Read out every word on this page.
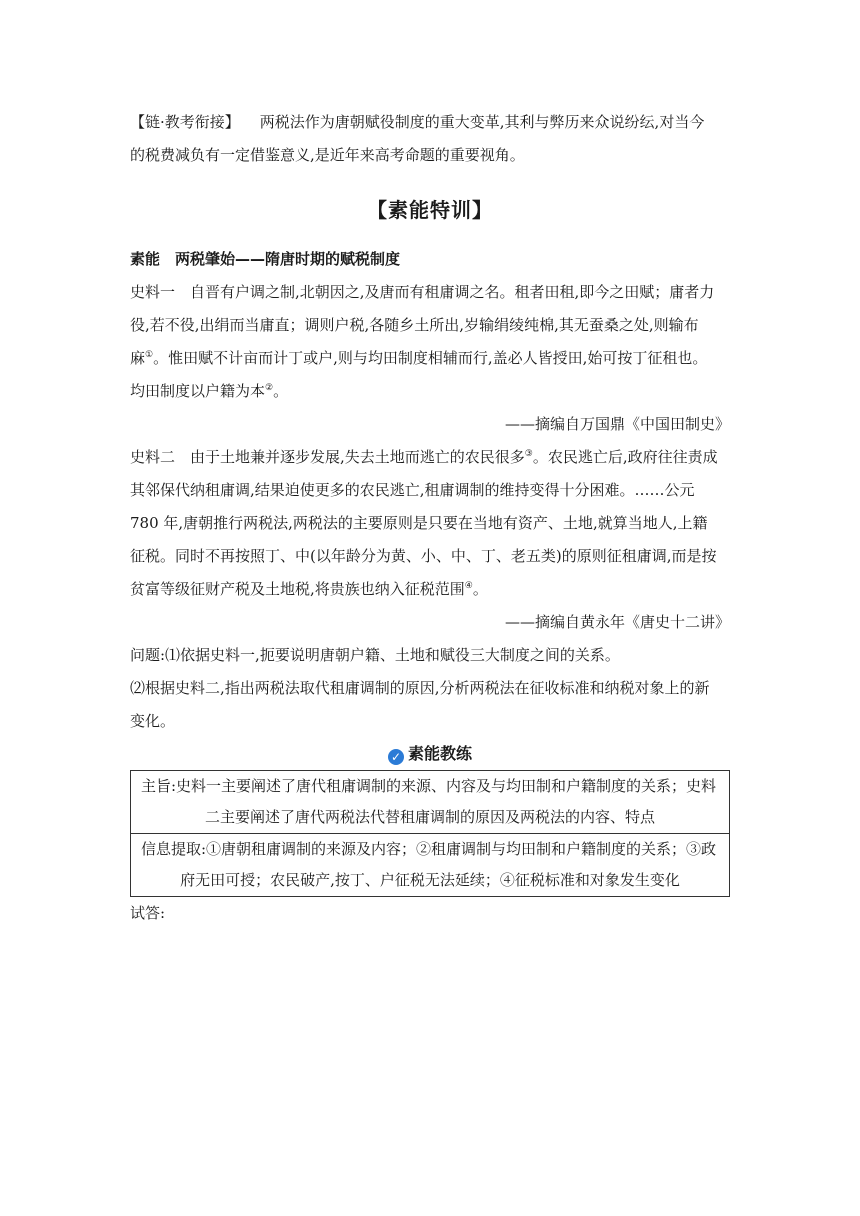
【链·教考衔接】 两税法作为唐朝赋役制度的重大变革,其利与弊历来众说纷纭,对当今
的税费减负有一定借鉴意义,是近年来高考命题的重要视角。

【素能特训】
素能　两税肇始——隋唐时期的赋税制度

史料一　自晋有户调之制,北朝因之,及唐而有租庸调之名。租者田租,即今之田赋；庸者力

役,若不役,出绢而当庸直；调则户税,各随乡土所出,岁输绢绫纯棉,其无蚕桑之处,则输布

麻①。惟田赋不计亩而计丁或户,则与均田制度相辅而行,盖必人皆授田,始可按丁征租也。

均田制度以户籍为本②。

——摘编自万国鼎《中国田制史》

史料二　由于土地兼并逐步发展,失去土地而逃亡的农民很多③。农民逃亡后,政府往往责成

其邻保代纳租庸调,结果迫使更多的农民逃亡,租庸调制的维持变得十分困难。……公元

780 年,唐朝推行两税法,两税法的主要原则是只要在当地有资产、土地,就算当地人,上籍

征税。同时不再按照丁、中(以年龄分为黄、小、中、丁、老五类)的原则征租庸调,而是按

贫富等级征财产税及土地税,将贵族也纳入征税范围④。

——摘编自黄永年《唐史十二讲》

问题:⑴依据史料一,扼要说明唐朝户籍、土地和赋役三大制度之间的关系。

⑵根据史料二,指出两税法取代租庸调制的原因,分析两税法在征收标准和纳税对象上的新

变化。

✓ 素能教练
主旨:史料一主要阐述了唐代租庸调制的来源、内容及与均田制和户籍制度的关系；史料
二主要阐述了唐代两税法代替租庸调制的原因及两税法的内容、特点

信息提取:①唐朝租庸调制的来源及内容；②租庸调制与均田制和户籍制度的关系；③政
府无田可授；农民破产,按丁、户征税无法延续；④征税标准和对象发生变化

试答:
